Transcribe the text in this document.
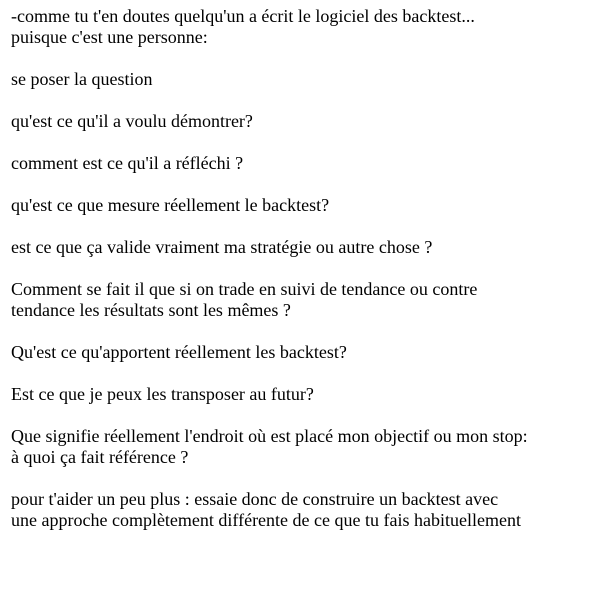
-comme tu t'en doutes quelqu'un a écrit le logiciel des backtest...
puisque c'est une personne:

se poser la question

qu'est ce qu'il a voulu démontrer?

comment est ce qu'il a réfléchi ?

qu'est ce que mesure réellement le backtest?

est ce que ça valide vraiment ma stratégie ou autre chose ?

Comment se fait il que si on trade en suivi de tendance ou contre
tendance les résultats sont les mêmes ?

Qu'est ce qu'apportent réellement les backtest?

Est ce que je peux les transposer au futur?

Que signifie réellement l'endroit où est placé mon objectif ou mon stop:
à quoi ça fait référence ?

pour t'aider un peu plus : essaie donc de construire un backtest avec
une approche complètement différente de ce que tu fais habituellement
